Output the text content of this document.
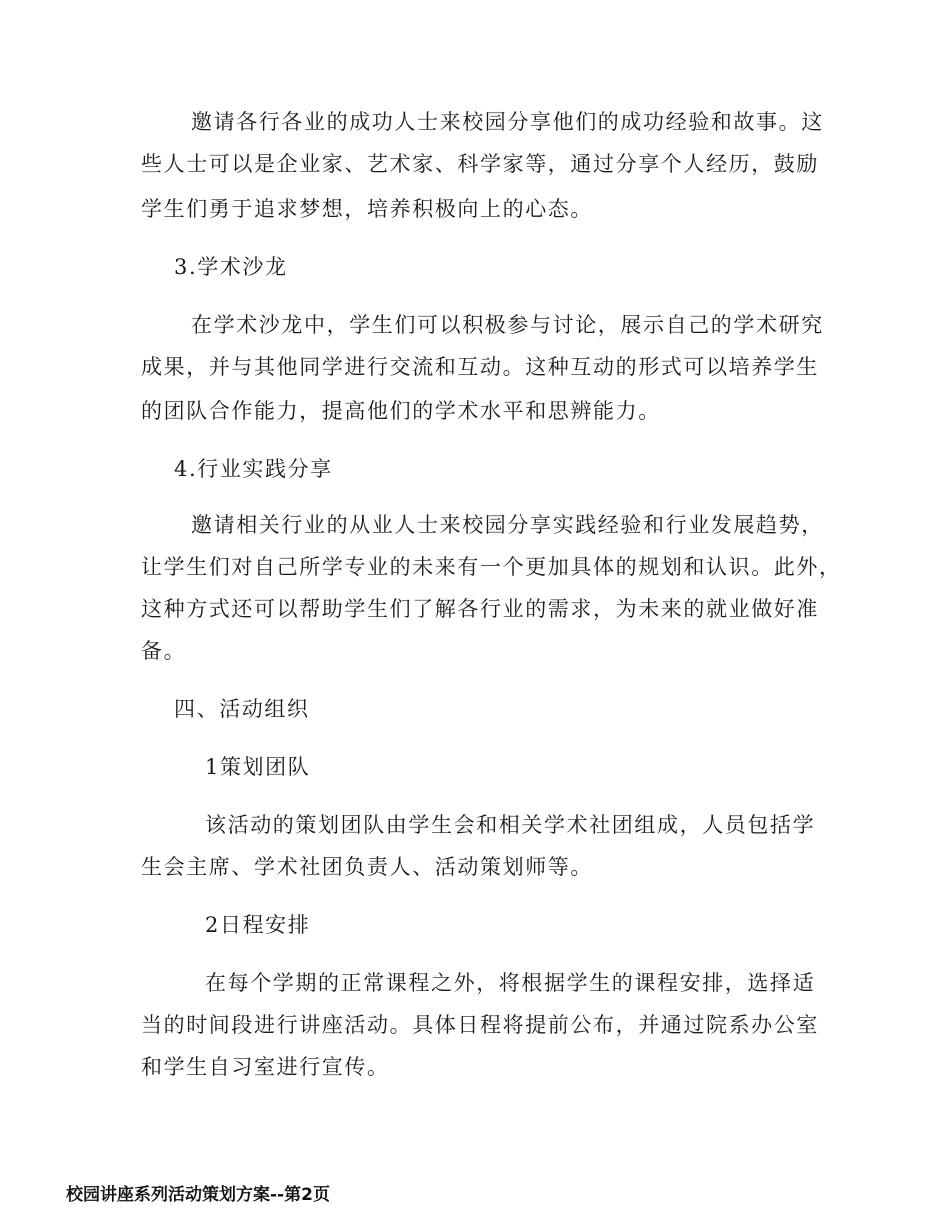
邀请各行各业的成功人士来校园分享他们的成功经验和故事。这
些人士可以是企业家、艺术家、科学家等，通过分享个人经历，鼓励
学生们勇于追求梦想，培养积极向上的心态。
3.学术沙龙
在学术沙龙中，学生们可以积极参与讨论，展示自己的学术研究
成果，并与其他同学进行交流和互动。这种互动的形式可以培养学生
的团队合作能力，提高他们的学术水平和思辨能力。
4.行业实践分享
邀请相关行业的从业人士来校园分享实践经验和行业发展趋势，
让学生们对自己所学专业的未来有一个更加具体的规划和认识。此外，
这种方式还可以帮助学生们了解各行业的需求，为未来的就业做好准
备。
四、活动组织
1策划团队
该活动的策划团队由学生会和相关学术社团组成，人员包括学
生会主席、学术社团负责人、活动策划师等。
2日程安排
在每个学期的正常课程之外，将根据学生的课程安排，选择适
当的时间段进行讲座活动。具体日程将提前公布，并通过院系办公室
和学生自习室进行宣传。
校园讲座系列活动策划方案--第2页
